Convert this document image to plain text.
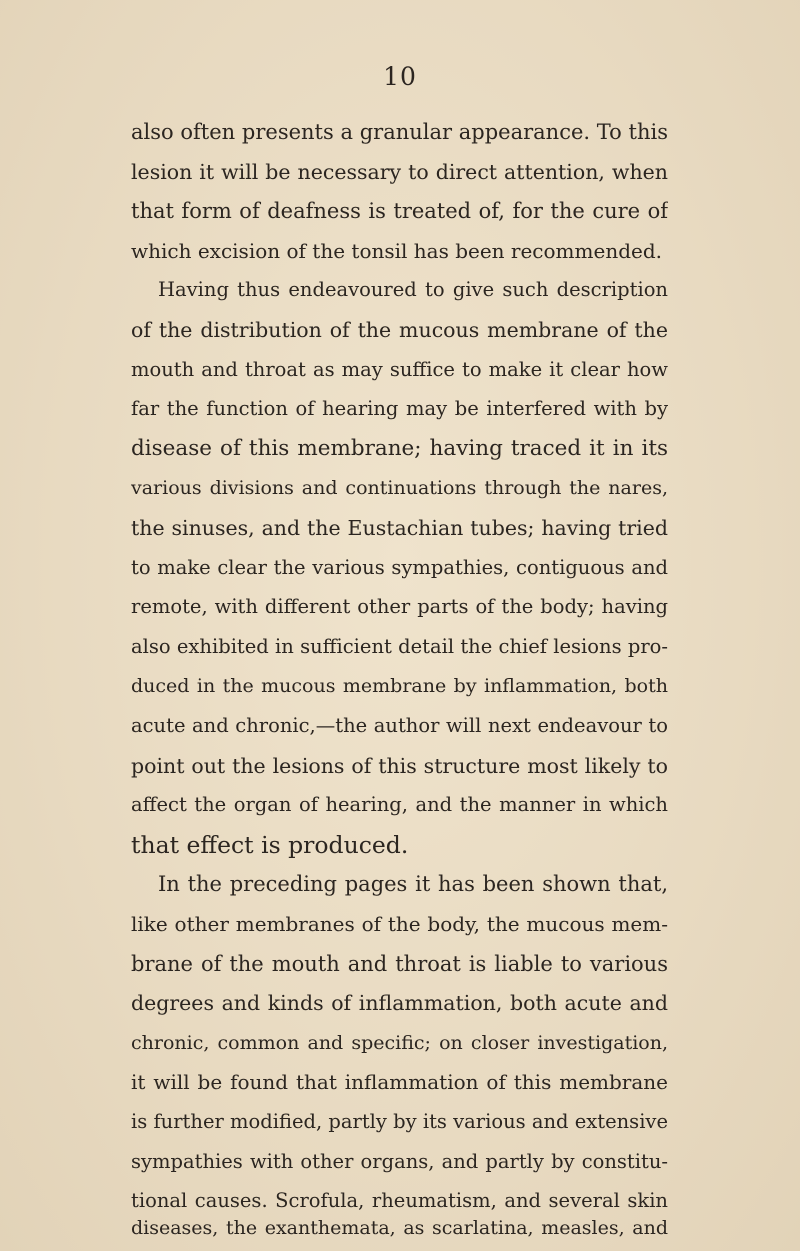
10
also often presents a granular appearance. To this
lesion it will be necessary to direct attention, when
that form of deafness is treated of, for the cure of
which excision of the tonsil has been recommended.
Having thus endeavoured to give such description
of the distribution of the mucous membrane of the
mouth and throat as may suffice to make it clear how
far the function of hearing may be interfered with by
disease of this membrane; having traced it in its
various divisions and continuations through the nares,
the sinuses, and the Eustachian tubes; having tried
to make clear the various sympathies, contiguous and
remote, with different other parts of the body; having
also exhibited in sufficient detail the chief lesions pro-
duced in the mucous membrane by inflammation, both
acute and chronic,—the author will next endeavour to
point out the lesions of this structure most likely to
affect the organ of hearing, and the manner in which
that effect is produced.
In the preceding pages it has been shown that,
like other membranes of the body, the mucous mem-
brane of the mouth and throat is liable to various
degrees and kinds of inflammation, both acute and
chronic, common and specific; on closer investigation,
it will be found that inflammation of this membrane
is further modified, partly by its various and extensive
sympathies with other organs, and partly by constitu-
tional causes. Scrofula, rheumatism, and several skin
diseases, the exanthemata, as scarlatina, measles, and
